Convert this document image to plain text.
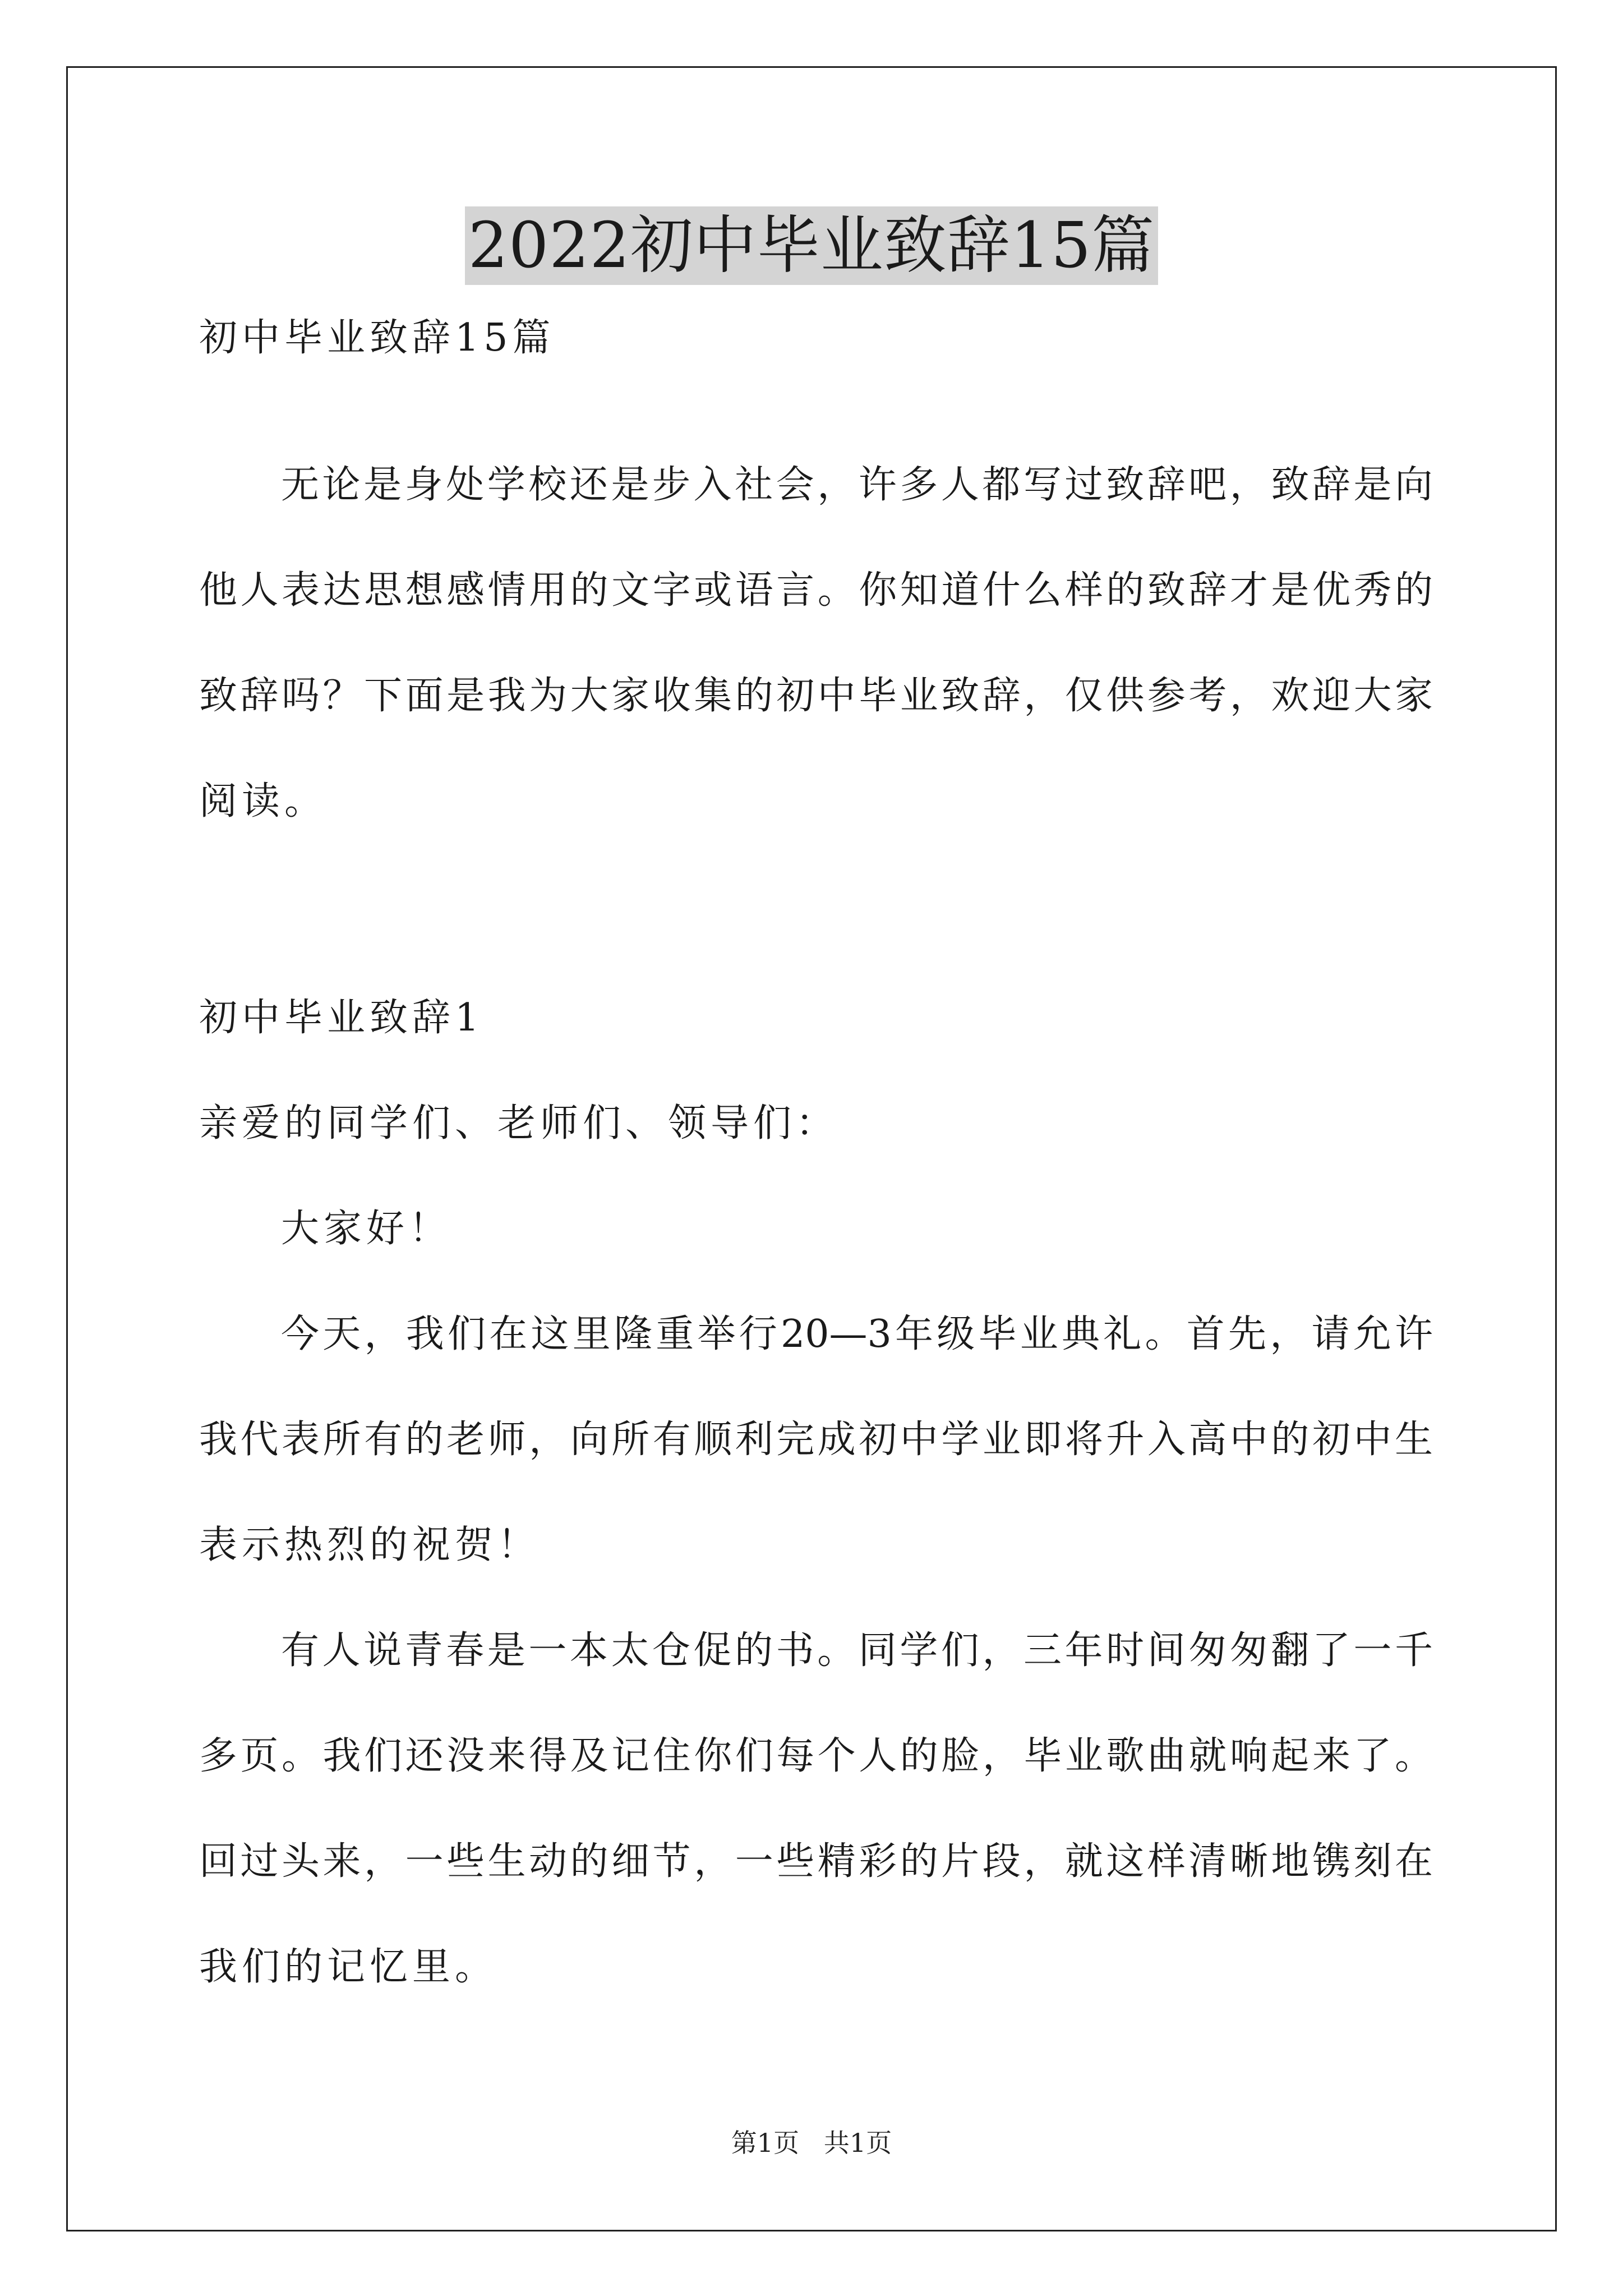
2022初中毕业致辞15篇
初中毕业致辞15篇
无论是身处学校还是步入社会，许多人都写过致辞吧，致辞是向
他人表达思想感情用的文字或语言。你知道什么样的致辞才是优秀的
致辞吗？下面是我为大家收集的初中毕业致辞，仅供参考，欢迎大家
阅读。
初中毕业致辞1
亲爱的同学们、老师们、领导们：
大家好！
今天，我们在这里隆重举行20—3年级毕业典礼。首先，请允许
我代表所有的老师，向所有顺利完成初中学业即将升入高中的初中生
表示热烈的祝贺！
有人说青春是一本太仓促的书。同学们，三年时间匆匆翻了一千
多页。我们还没来得及记住你们每个人的脸，毕业歌曲就响起来了。
回过头来，一些生动的细节，一些精彩的片段，就这样清晰地镌刻在
我们的记忆里。
第1页   共1页
